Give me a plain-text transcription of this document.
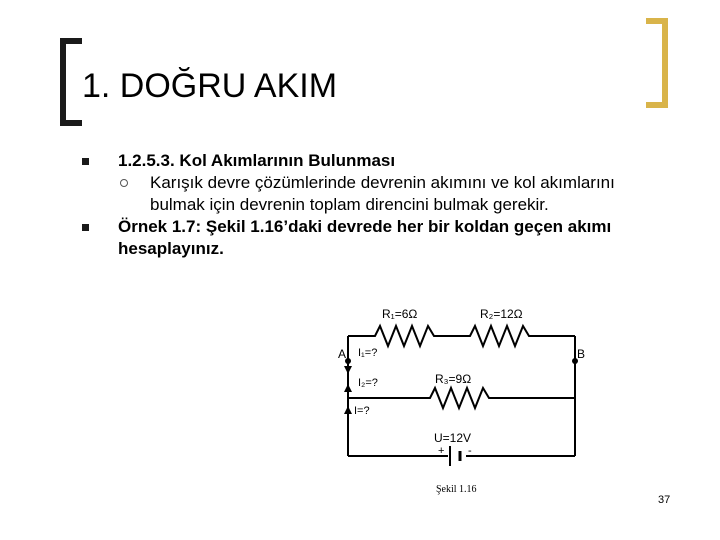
1. DOĞRU AKIM
1.2.5.3. Kol Akımlarının Bulunması
Karışık devre çözümlerinde devrenin akımını ve kol akımlarını bulmak için devrenin toplam direncini bulmak gerekir.
Örnek 1.7: Şekil 1.16’daki devrede her bir koldan geçen akımı hesaplayınız.
R₁=6Ω	R₂=12Ω
R₃=9Ω
A	B
I₁=?
I₂=?
I=?
U=12V
+ -
Şekil 1.16
37
